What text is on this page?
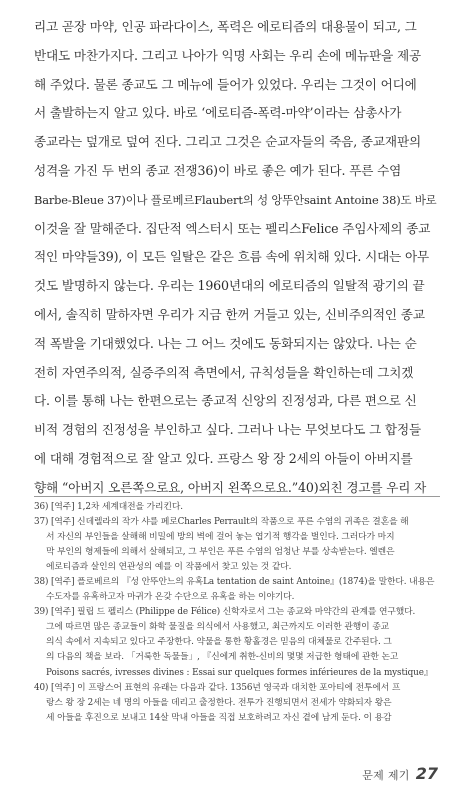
리고 곧장 마약, 인공 파라다이스, 폭력은 에로티즘의 대용물이 되고, 그
반대도 마찬가지다. 그리고 나아가 익명 사회는 우리 손에 메뉴판을 제공
해 주었다. 물론 종교도 그 메뉴에 들어가 있었다. 우리는 그것이 어디에
서 출발하는지 알고 있다. 바로 ‘에로티즘-폭력-마약’이라는 삼총사가
종교라는 덮개로 덮여 진다. 그리고 그것은 순교자들의 죽음, 종교재판의
성격을 가진 두 번의 종교 전쟁36)이 바로 좋은 예가 된다. 푸른 수염
Barbe-Bleue 37)이나 플로베르Flaubert의 성 앙뚜안saint Antoine 38)도 바로
이것을 잘 말해준다. 집단적 엑스터시 또는 펠리스Felice 주임사제의 종교
적인 마약들39), 이 모든 일탈은 같은 흐름 속에 위치해 있다. 시대는 아무
것도 발명하지 않는다. 우리는 1960년대의 에로티즘의 일탈적 광기의 끝
에서, 솔직히 말하자면 우리가 지금 한꺼 거들고 있는, 신비주의적인 종교
적 폭발을 기대했었다. 나는 그 어느 것에도 동화되지는 않았다. 나는 순
전히 자연주의적, 실증주의적 측면에서, 규칙성들을 확인하는데 그치겠
다. 이를 통해 나는 한편으로는 종교적 신앙의 진정성과, 다른 편으로 신
비적 경험의 진정성을 부인하고 싶다. 그러나 나는 무엇보다도 그 합정들
에 대해 경험적으로 잘 알고 있다. 프랑스 왕 장 2세의 아들이 아버지를
향해 “아버지 오른쪽으로요, 아버지 왼쪽으로요.”40)외친 경고를 우리 자
36) [역주] 1,2차 세계대전을 가리킨다.
37) [역주] 신데렐라의 작가 샤를 페로Charles Perrault의 작품으로 푸른 수염의 귀족은 결혼을 해
서 자신의 부인들을 살해해 비밀에 방의 벽에 걸어 놓는 엽기적 행각을 벌인다. 그러다가 마지
막 부인의 형제들에 의해서 살해되고, 그 부인은 푸른 수염의 엄청난 부를 상속받는다. 엘렌은
에로티즘과 살인의 연관성의 예를 이 작품에서 찾고 있는 것 같다.
38) [역주] 플로베르의 『성 안뚜안느의 유혹La tentation de saint Antoine』(1874)을 말한다. 내용은
수도자를 유혹하고자 마귀가 온갖 수단으로 유혹을 하는 이야기다.
39) [역주] 필립 드 펠리스 (Philippe de Félice) 신학자로서 그는 종교와 마약간의 관계를 연구했다.
그에 따르면 많은 종교들이 화학 물질을 의식에서 사용했고, 최근까지도 이러한 관행이 종교
의식 속에서 지속되고 있다고 주장한다. 약물을 통한 황홀경은 믿음의 대체물로 간주된다. 그
의 다음의 책을 보라. 「거룩한 독물들」, 『신에게 취한-신비의 몇몇 저급한 형태에 관한 논고
Poisons sacrés, ivresses divines : Essai sur quelques formes inférieures de la mystique』
40) [역주] 이 프랑스어 표현의 유래는 다음과 같다. 1356년 영국과 대치한 포아티에 전투에서 프
랑스 왕 장 2세는 네 명의 아들을 데리고 출정한다. 전투가 진행되면서 전세가 약화되자 왕은
세 아들을 후진으로 보내고 14살 막내 아들을 직접 보호하려고 자신 곁에 남게 둔다. 이 용감
문제 제기 27
